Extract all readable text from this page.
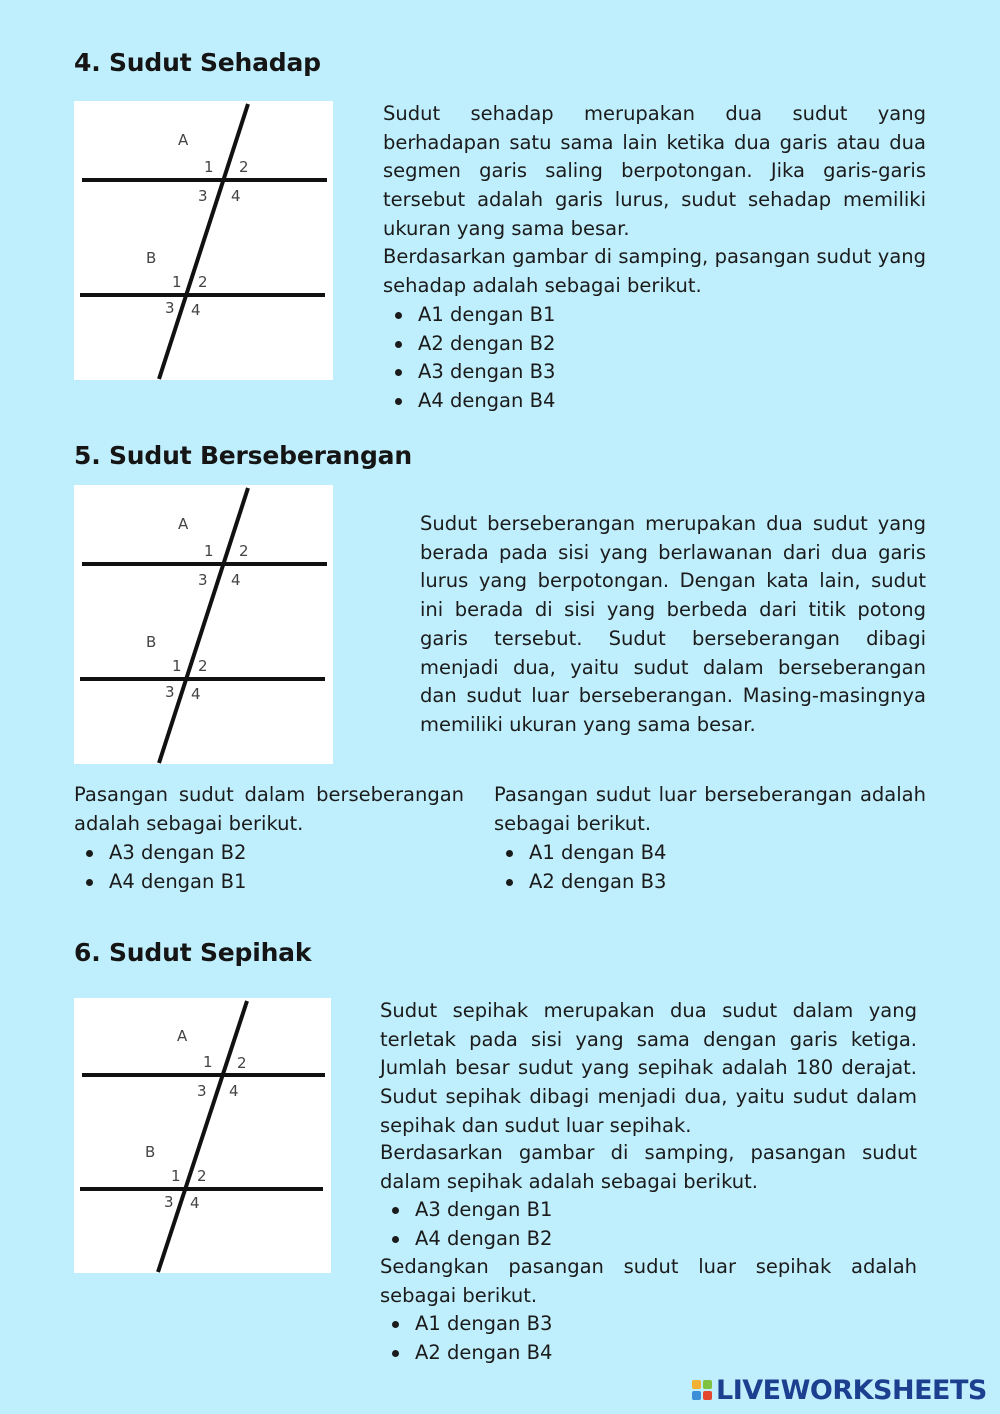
4. Sudut Sehadap
A
1 2
3 4
B
1 2
3 4

Sudut sehadap merupakan dua sudut yang berhadapan satu sama lain ketika dua garis atau dua segmen garis saling berpotongan. Jika garis-garis tersebut adalah garis lurus, sudut sehadap memiliki ukuran yang sama besar.

Berdasarkan gambar di samping, pasangan sudut yang sehadap adalah sebagai berikut.

A1 dengan B1
A2 dengan B2
A3 dengan B3
A4 dengan B4
5. Sudut Berseberangan
A
1 2
3 4
B
1 2
3 4

Sudut berseberangan merupakan dua sudut yang berada pada sisi yang berlawanan dari dua garis lurus yang berpotongan. Dengan kata lain, sudut ini berada di sisi yang berbeda dari titik potong garis tersebut. Sudut berseberangan dibagi menjadi dua, yaitu sudut dalam berseberangan dan sudut luar berseberangan. Masing-masingnya memiliki ukuran yang sama besar.

Pasangan sudut dalam berseberangan adalah sebagai berikut.

A3 dengan B2
A4 dengan B1

Pasangan sudut luar berseberangan adalah sebagai berikut.

A1 dengan B4
A2 dengan B3
6. Sudut Sepihak
A
1 2
3 4
B
1 2
3 4

Sudut sepihak merupakan dua sudut dalam yang terletak pada sisi yang sama dengan garis ketiga. Jumlah besar sudut yang sepihak adalah 180 derajat. Sudut sepihak dibagi menjadi dua, yaitu sudut dalam sepihak dan sudut luar sepihak.

Berdasarkan gambar di samping, pasangan sudut dalam sepihak adalah sebagai berikut.

A3 dengan B1
A4 dengan B2

Sedangkan pasangan sudut luar sepihak adalah sebagai berikut.

A1 dengan B3
A2 dengan B4
LIVEWORKSHEETS
